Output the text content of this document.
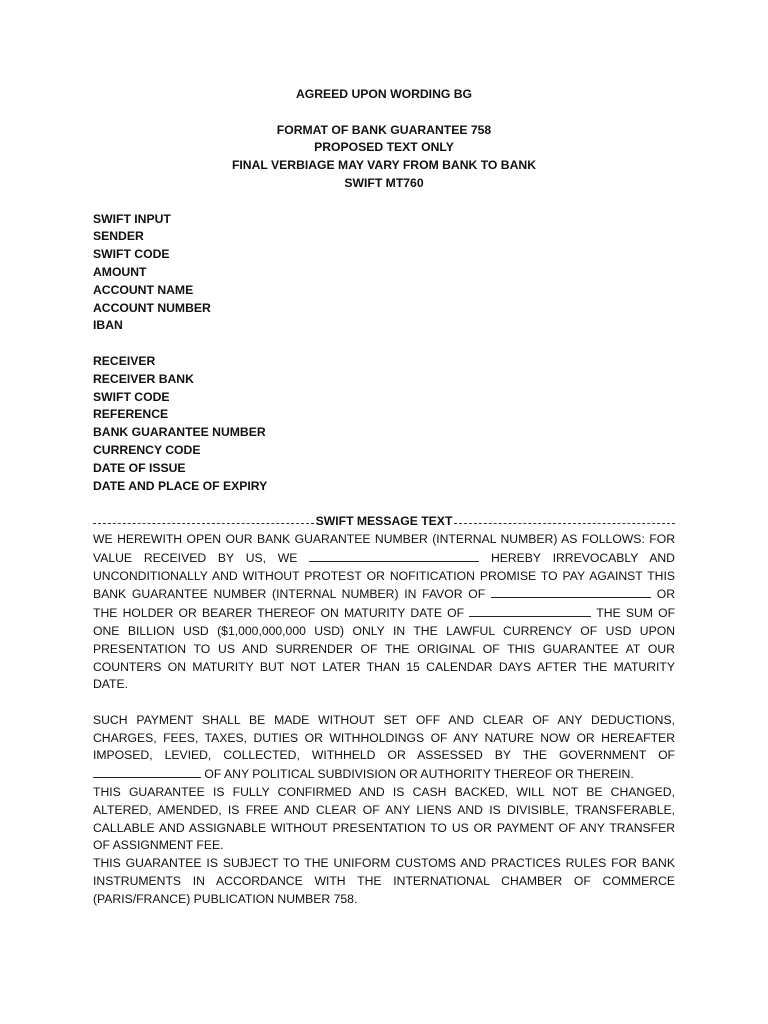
AGREED UPON WORDING BG
FORMAT OF BANK GUARANTEE 758
PROPOSED TEXT ONLY
FINAL VERBIAGE MAY VARY FROM BANK TO BANK
SWIFT MT760
SWIFT INPUT
SENDER
SWIFT CODE
AMOUNT
ACCOUNT NAME
ACCOUNT NUMBER
IBAN
RECEIVER
RECEIVER BANK
SWIFT CODE
REFERENCE
BANK GUARANTEE NUMBER
CURRENCY CODE
DATE OF ISSUE
DATE AND PLACE OF EXPIRY
SWIFT MESSAGE TEXT

WE HEREWITH OPEN OUR BANK GUARANTEE NUMBER (INTERNAL NUMBER) AS FOLLOWS: FOR VALUE RECEIVED BY US, WE	HEREBY IRREVOCABLY AND UNCONDITIONALLY AND WITHOUT PROTEST OR NOFITICATION PROMISE TO PAY AGAINST THIS BANK GUARANTEE NUMBER (INTERNAL NUMBER) IN FAVOR OF	OR THE HOLDER OR BEARER THEREOF ON MATURITY DATE OF	THE SUM OF ONE BILLION USD ($1,000,000,000 USD) ONLY IN THE LAWFUL CURRENCY OF USD UPON PRESENTATION TO US AND SURRENDER OF THE ORIGINAL OF THIS GUARANTEE AT OUR COUNTERS ON MATURITY BUT NOT LATER THAN 15 CALENDAR DAYS AFTER THE MATURITY DATE.

SUCH PAYMENT SHALL BE MADE WITHOUT SET OFF AND CLEAR OF ANY DEDUCTIONS, CHARGES, FEES, TAXES, DUTIES OR WITHHOLDINGS OF ANY NATURE NOW OR HEREAFTER IMPOSED, LEVIED, COLLECTED, WITHHELD OR ASSESSED BY THE GOVERNMENT OF  OF ANY POLITICAL SUBDIVISION OR AUTHORITY THEREOF OR THEREIN.

THIS GUARANTEE IS FULLY CONFIRMED AND IS CASH BACKED, WILL NOT BE CHANGED, ALTERED, AMENDED, IS FREE AND CLEAR OF ANY LIENS AND IS DIVISIBLE, TRANSFERABLE, CALLABLE AND ASSIGNABLE WITHOUT PRESENTATION TO US OR PAYMENT OF ANY TRANSFER OF ASSIGNMENT FEE.

THIS GUARANTEE IS SUBJECT TO THE UNIFORM CUSTOMS AND PRACTICES RULES FOR BANK INSTRUMENTS IN ACCORDANCE WITH THE INTERNATIONAL CHAMBER OF COMMERCE (PARIS/FRANCE) PUBLICATION NUMBER 758.
